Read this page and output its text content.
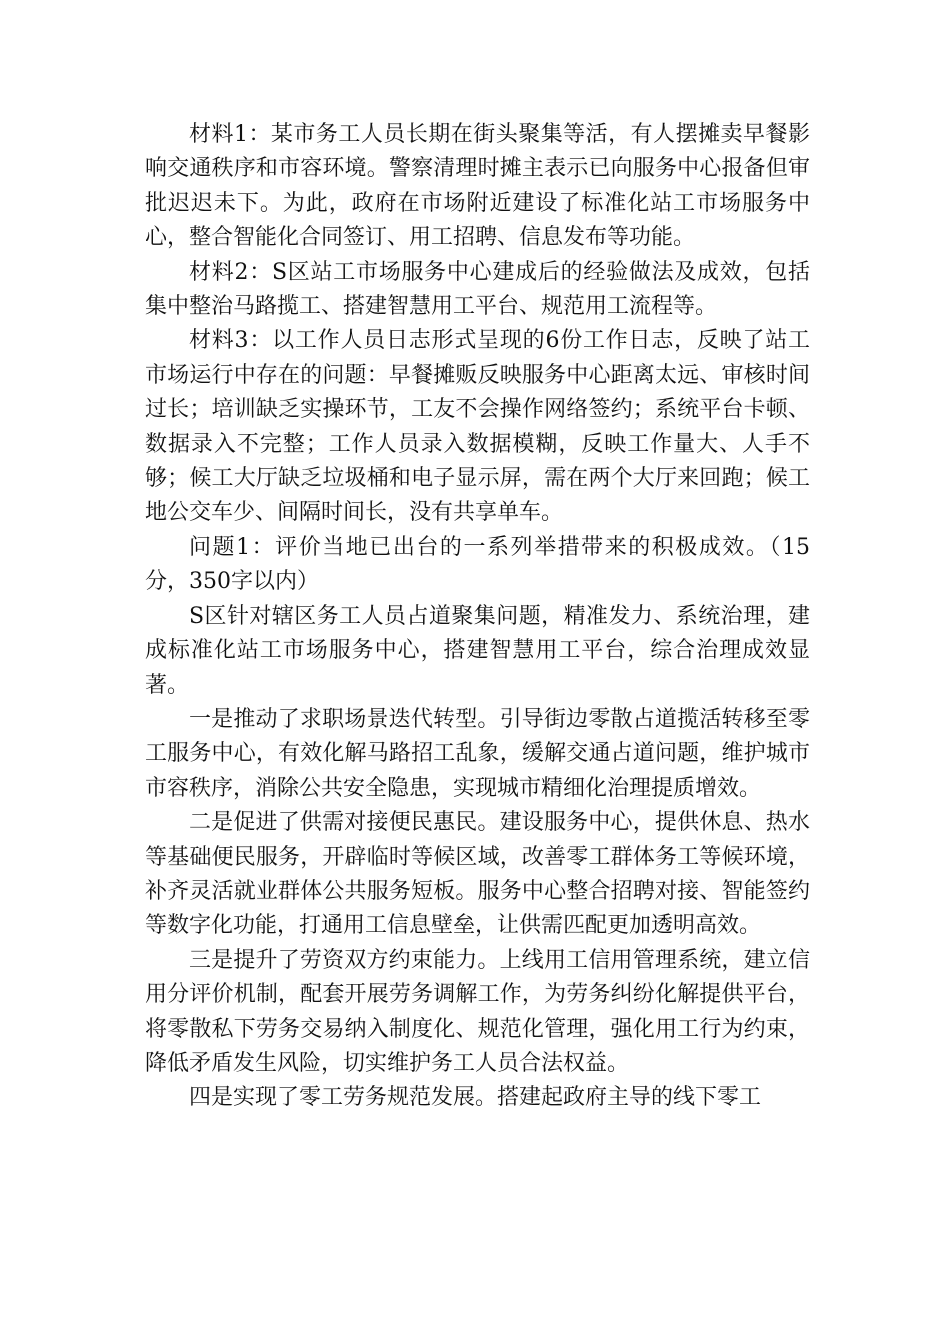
材料1：某市务工人员长期在街头聚集等活，有人摆摊卖早餐影响交通秩序和市容环境。警察清理时摊主表示已向服务中心报备但审批迟迟未下。为此，政府在市场附近建设了标准化站工市场服务中心，整合智能化合同签订、用工招聘、信息发布等功能。

材料2：S区站工市场服务中心建成后的经验做法及成效，包括集中整治马路揽工、搭建智慧用工平台、规范用工流程等。

材料3：以工作人员日志形式呈现的6份工作日志，反映了站工市场运行中存在的问题：早餐摊贩反映服务中心距离太远、审核时间过长；培训缺乏实操环节，工友不会操作网络签约；系统平台卡顿、数据录入不完整；工作人员录入数据模糊，反映工作量大、人手不够；候工大厅缺乏垃圾桶和电子显示屏，需在两个大厅来回跑；候工地公交车少、间隔时间长，没有共享单车。

问题1：评价当地已出台的一系列举措带来的积极成效。（15分，350字以内）

S区针对辖区务工人员占道聚集问题，精准发力、系统治理，建成标准化站工市场服务中心，搭建智慧用工平台，综合治理成效显著。

一是推动了求职场景迭代转型。引导街边零散占道揽活转移至零工服务中心，有效化解马路招工乱象，缓解交通占道问题，维护城市市容秩序，消除公共安全隐患，实现城市精细化治理提质增效。

二是促进了供需对接便民惠民。建设服务中心，提供休息、热水等基础便民服务，开辟临时等候区域，改善零工群体务工等候环境，补齐灵活就业群体公共服务短板。服务中心整合招聘对接、智能签约等数字化功能，打通用工信息壁垒，让供需匹配更加透明高效。

三是提升了劳资双方约束能力。上线用工信用管理系统，建立信用分评价机制，配套开展劳务调解工作，为劳务纠纷化解提供平台，将零散私下劳务交易纳入制度化、规范化管理，强化用工行为约束，降低矛盾发生风险，切实维护务工人员合法权益。

四是实现了零工劳务规范发展。搭建起政府主导的线下零工
